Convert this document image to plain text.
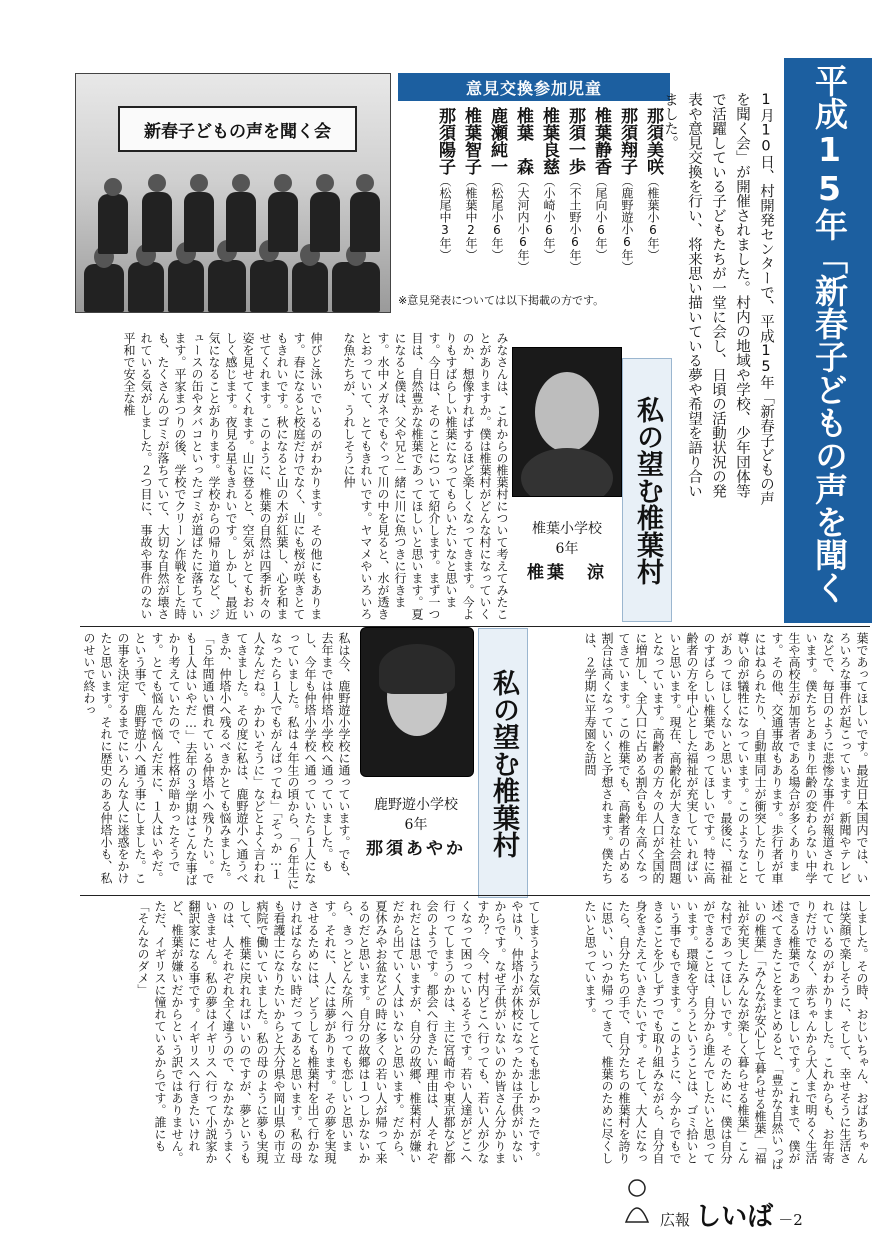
新春子どもの声を聞く会
意見交換参加児童
那須美咲（椎葉小6年）
那須翔子（鹿野遊小6年）
椎葉静香（尾向小6年）
那須一歩（不土野小6年）
椎葉良慈（小崎小6年）
椎葉　森（大河内小6年）
鹿瀬純一（松尾小6年）
椎葉智子（椎葉中2年）
那須陽子（松尾中3年）
※意見発表については以下掲載の方です。
平成15年「新春子どもの声を聞く会」
1月10日、村開発センターで、平成15年「新春子どもの声を聞く会」が開催されました。村内の地域や学校、少年団体等で活躍している子どもたちが一堂に会し、日頃の活動状況の発表や意見交換を行い、将来思い描いている夢や希望を語り合いました。
私の望む椎葉村
椎葉小学校
6年
椎葉　涼
みなさんは、これからの椎葉村について考えてみたことがありますか。僕は椎葉村がどんな村になっていくのか、想像すればするほど楽しくなってきます。今よりもすばらしい椎葉になってもらいたいなと思います。今日は、そのことについて紹介します。まず一つ目は、自然豊かな椎葉であってほしいと思います。夏になると僕は、父や兄と一緒に川に魚つきに行きます。水中メガネでもぐって川の中を見ると、水が透きとおっていて、とてもきれいです。ヤマメやいろいろな魚たちが、うれしそうに仲
伸びと泳いでいるのがわかります。その他にもあります。春になると校庭だけでなく、山にも桜が咲きとてもきれいです。秋になると山の木が紅葉し、心を和ませてくれます。このように、椎葉の自然は四季折々の姿を見せてくれます。山に登ると、空気がとてもおいしく感じます。夜見る星もきれいです。しかし、最近気になることがあります。学校からの帰り道など、ジュースの缶やタバコといったゴミが道ばたに落ちています。平家まつりの後、学校でクリーン作戦をした時も、たくさんのゴミが落ちていて、大切な自然が壊されている気がしました。２つ目に、事故や事件のない平和で安全な椎
私の望む椎葉村
鹿野遊小学校
6年
那須あやか
私は今、鹿野遊小学校に通っています。でも、去年までは仲塔小学校へ通っていました。もし、今年も仲塔小学校へ通っていたら１人になっていました。私は４年生の頃から、「６年生になったら１人でもがんばってね」「そっか…１人なんだね。かわいそうに」などとよく言われてきました。その度に私は、鹿野遊小へ通うべきか、仲塔小へ残るべきかとても悩みました。「５年間通い慣れている仲塔小へ残りたい。でも１人はいやだ…」去年の３学期はこんな事ばかり考えていたので、性格が暗かったそうです。とても悩んで悩んだ末に、１人はいやだ。という事で、鹿野遊小へ通う事にしました。この事を決定するまでにいろんな人に迷惑をかけたと思います。それに歴史のある仲塔小も、私のせいで終わっ	葉であってほしいです。最近日本国内では、いろいろな事件が起こっています。新聞やテレビなどで、毎日のように悲惨な事件が報道されています。僕たちとあまり年齢の変わらない中学生や高校生が加害者である場合が多くあります。その他、交通事故もあります。歩行者が車にはねられたり、自動車同士が衝突したりして尊い命が犠牲になっています。このようなことがあってほしくないと思います。最後に、福祉のすばらしい椎葉であってほしいです。特に高齢者の方を中心とした福祉が充実していればいいと思います。現在、高齢化が大きな社会問題となっています。高齢者の方々の人口が全国的に増加し、全人口に占める割合も年々高くなってきています。この椎葉でも、高齢者の占める割合は高くなっていくと予想されます。僕たちは、２学期に平寿園を訪問
しました。その時、おじいちゃん、おばあちゃんは笑顔で楽しそうに、そして、幸せそうに生活されているのがわかりました。これからも、お年寄りだけでなく、赤ちゃんから大人まで明るく生活できる椎葉であってほしいです。これまで、僕が述べてきたことをまとめると、「豊かな自然いっぱいの椎葉」「みんなが安心して暮らせる椎葉」「福祉が充実したみんなが楽しく暮らせる椎葉」こんな村であってほしいです。そのために、僕は自分ができることは、自分から進んでしたいと思っています。環境を守ろうということは、ゴミ拾いという事でもできます。このように、今からでもできることを少しずつでも取り組みながら、自分自身をきたえていきたいです。そして、大人になったら、自分たちの手で、自分たちの椎葉村を誇りに思い、いつか帰ってきて、椎葉のために尽くしたいと思っています。
てしまうような気がしてとても悲しかったです。やはり、仲塔小が休校になったかは子供がいないからです。なぜ子供がいないのか皆さん分かりますか？　今、村内どこへ行っても、若い人が少なくなって困っているそうです。若い人達がどこへ行ってしまうのかは、主に宮崎市や東京都など都会のようです。都会へ行きたい理由は、人それぞれだとは思いますが、自分の故郷、椎葉村が嫌いだから出ていく人はいないと思います。だから、夏休みやお盆などの時に多くの若い人が帰って来るのだと思います。自分の故郷は１つしかないから、きっとどんな所へ行っても恋しいと思います。それに、人には夢があります。その夢を実現させるためには、どうしても椎葉村を出て行かなければならない時だってあると思います。私の母も看護士になりたいからと大分県や岡山県の市立病院で働いていました。私の母のように夢も実現して、椎葉に戻れればいいのですが、夢というものは、人それぞれ全く違うので、なかなかうまくいきません。私の夢はイギリスへ行って小説家か翻訳家になる事です。イギリスへ行きたいけれど、椎葉が嫌いだからという訳ではありません。ただ、イギリスに憧れているからです。誰にも「そんなのダメ」
広報 しいば －2
